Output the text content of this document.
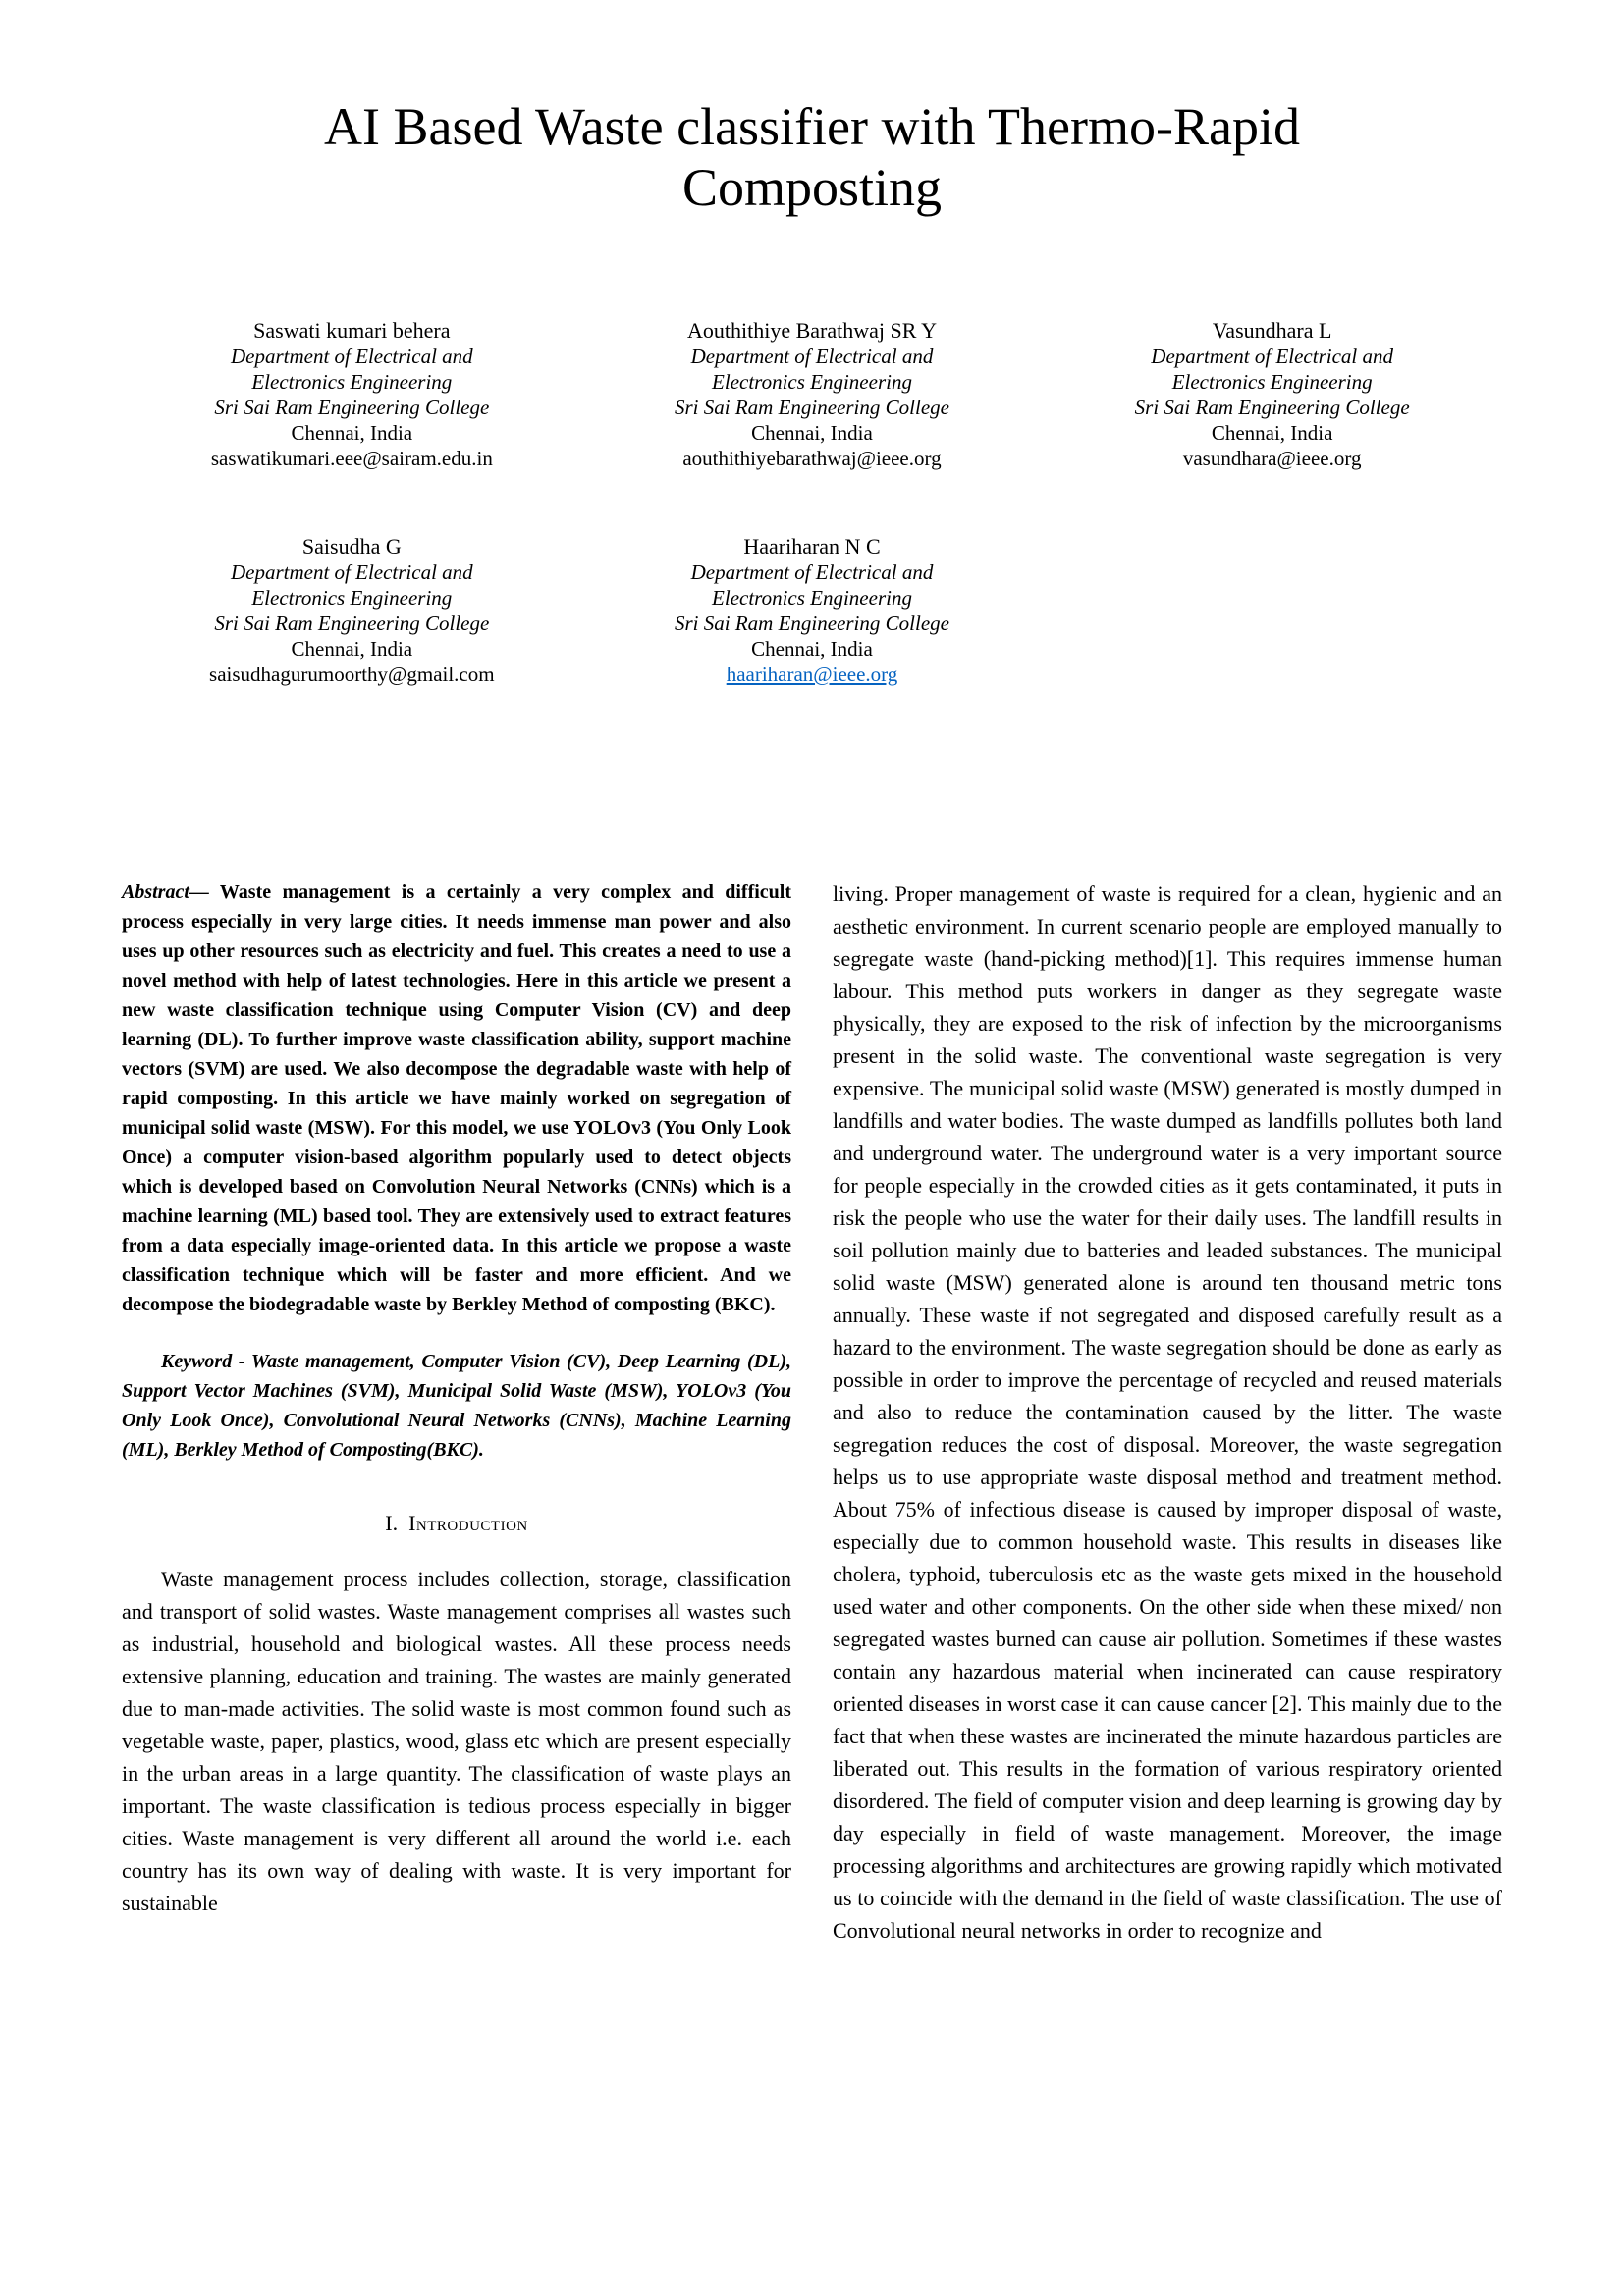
AI Based Waste classifier with Thermo-Rapid Composting
Saswati kumari behera
Department of Electrical and
Electronics Engineering
Sri Sai Ram Engineering College
Chennai, India
saswatikumari.eee@sairam.edu.in
Aouthithiye Barathwaj SR Y
Department of Electrical and
Electronics Engineering
Sri Sai Ram Engineering College
Chennai, India
aouthithiyebarathwaj@ieee.org
Vasundhara L
Department of Electrical and
Electronics Engineering
Sri Sai Ram Engineering College
Chennai, India
vasundhara@ieee.org
Saisudha G
Department of Electrical and
Electronics Engineering
Sri Sai Ram Engineering College
Chennai, India
saisudhagurumoorthy@gmail.com
Haariharan N C
Department of Electrical and
Electronics Engineering
Sri Sai Ram Engineering College
Chennai, India
haariharan@ieee.org

Abstract— Waste management is a certainly a very complex and difficult process especially in very large cities. It needs immense man power and also uses up other resources such as electricity and fuel. This creates a need to use a novel method with help of latest technologies. Here in this article we present a new waste classification technique using Computer Vision (CV) and deep learning (DL). To further improve waste classification ability, support machine vectors (SVM) are used. We also decompose the degradable waste with help of rapid composting. In this article we have mainly worked on segregation of municipal solid waste (MSW). For this model, we use YOLOv3 (You Only Look Once) a computer vision-based algorithm popularly used to detect objects which is developed based on Convolution Neural Networks (CNNs) which is a machine learning (ML) based tool. They are extensively used to extract features from a data especially image-oriented data. In this article we propose a waste classification technique which will be faster and more efficient. And we decompose the biodegradable waste by Berkley Method of composting (BKC).

Keyword - Waste management, Computer Vision (CV), Deep Learning (DL), Support Vector Machines (SVM), Municipal Solid Waste (MSW), YOLOv3 (You Only Look Once), Convolutional Neural Networks (CNNs), Machine Learning (ML), Berkley Method of Composting(BKC).

I. Introduction

Waste management process includes collection, storage, classification and transport of solid wastes. Waste management comprises all wastes such as industrial, household and biological wastes. All these process needs extensive planning, education and training. The wastes are mainly generated due to man-made activities. The solid waste is most common found such as vegetable waste, paper, plastics, wood, glass etc which are present especially in the urban areas in a large quantity. The classification of waste plays an important. The waste classification is tedious process especially in bigger cities. Waste management is very different all around the world i.e. each country has its own way of dealing with waste. It is very important for sustainable

living. Proper management of waste is required for a clean, hygienic and an aesthetic environment. In current scenario people are employed manually to segregate waste (hand-picking method)[1]. This requires immense human labour. This method puts workers in danger as they segregate waste physically, they are exposed to the risk of infection by the microorganisms present in the solid waste. The conventional waste segregation is very expensive. The municipal solid waste (MSW) generated is mostly dumped in landfills and water bodies. The waste dumped as landfills pollutes both land and underground water. The underground water is a very important source for people especially in the crowded cities as it gets contaminated, it puts in risk the people who use the water for their daily uses. The landfill results in soil pollution mainly due to batteries and leaded substances. The municipal solid waste (MSW) generated alone is around ten thousand metric tons annually. These waste if not segregated and disposed carefully result as a hazard to the environment. The waste segregation should be done as early as possible in order to improve the percentage of recycled and reused materials and also to reduce the contamination caused by the litter. The waste segregation reduces the cost of disposal. Moreover, the waste segregation helps us to use appropriate waste disposal method and treatment method. About 75% of infectious disease is caused by improper disposal of waste, especially due to common household waste. This results in diseases like cholera, typhoid, tuberculosis etc as the waste gets mixed in the household used water and other components. On the other side when these mixed/ non segregated wastes burned can cause air pollution. Sometimes if these wastes contain any hazardous material when incinerated can cause respiratory oriented diseases in worst case it can cause cancer [2]. This mainly due to the fact that when these wastes are incinerated the minute hazardous particles are liberated out. This results in the formation of various respiratory oriented disordered. The field of computer vision and deep learning is growing day by day especially in field of waste management. Moreover, the image processing algorithms and architectures are growing rapidly which motivated us to coincide with the demand in the field of waste classification. The use of Convolutional neural networks in order to recognize and
